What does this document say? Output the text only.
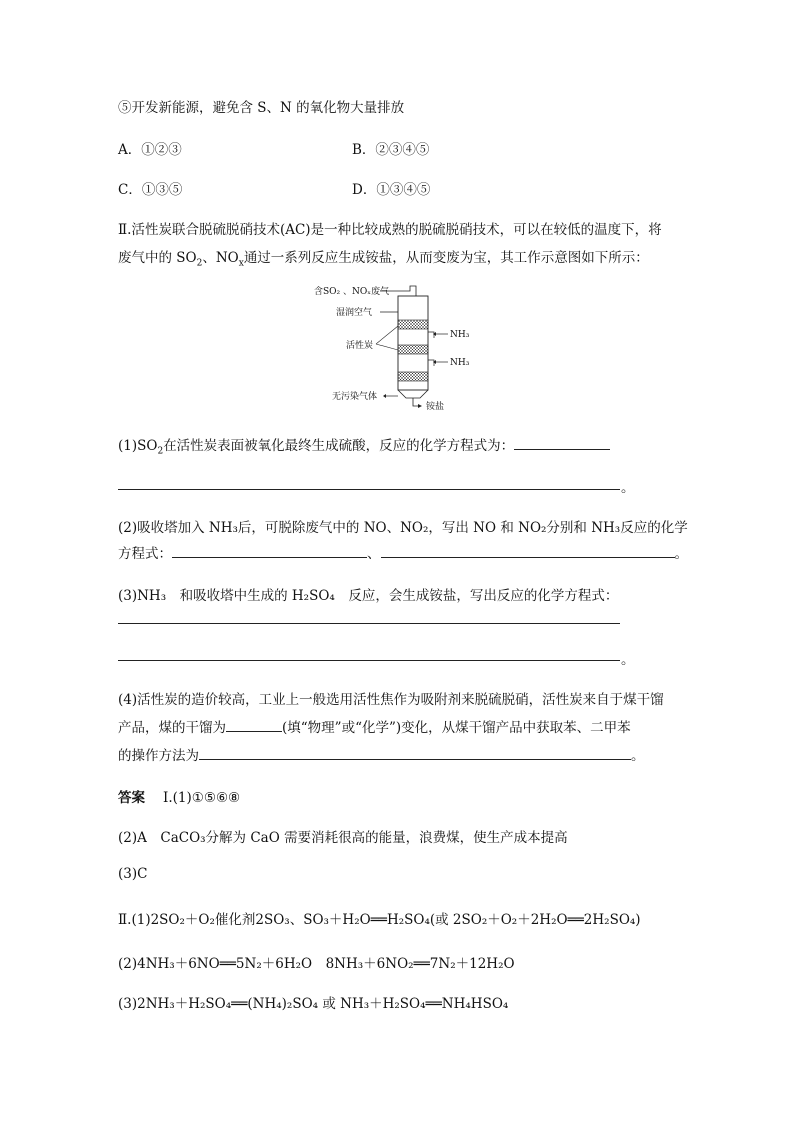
⑤开发新能源，避免含 S、N 的氧化物大量排放
A．①②③	B．②③④⑤
C．①③⑤	D．①③④⑤
Ⅱ.活性炭联合脱硫脱硝技术(AC)是一种比较成熟的脱硫脱硝技术，可以在较低的温度下，将
废气中的 $SO_2$、$NO_x$通过一系列反应生成铵盐，从而变废为宝，其工作示意图如下所示：
含SO₂ 、NOₓ废气
湿润空气
活性炭
NH₃
NH₃
无污染气体
铵盐
$(1)SO_2$在活性炭表面被氧化最终生成硫酸，反应的化学方程式为：
。
(2)吸收塔加入 NH₃后，可脱除废气中的 NO、NO₂，写出 NO 和 NO₂分别和 NH₃反应的化学
方程式：	、	。
(3)NH₃　和吸收塔中生成的 H₂SO₄　反应，会生成铵盐，写出反应的化学方程式：
。
(4)活性炭的造价较高，工业上一般选用活性焦作为吸附剂来脱硫脱硝，活性炭来自于煤干馏
产品，煤的干馏为	(填“物理”或“化学”)变化，从煤干馏产品中获取苯、二甲苯
的操作方法为	。
答案 Ⅰ.(1)①⑤⑥⑧
(2)A　CaCO₃分解为 CaO 需要消耗很高的能量，浪费煤，使生产成本提高
(3)C
Ⅱ.(1)2SO₂＋O₂催化剂2SO₃、SO₃＋H₂O══H₂SO₄(或 2SO₂＋O₂＋2H₂O══2H₂SO₄)
(2)4NH₃＋6NO══5N₂＋6H₂O　8NH₃＋6NO₂══7N₂＋12H₂O
(3)2NH₃＋H₂SO₄══(NH₄)₂SO₄ 或 NH₃＋H₂SO₄══NH₄HSO₄
